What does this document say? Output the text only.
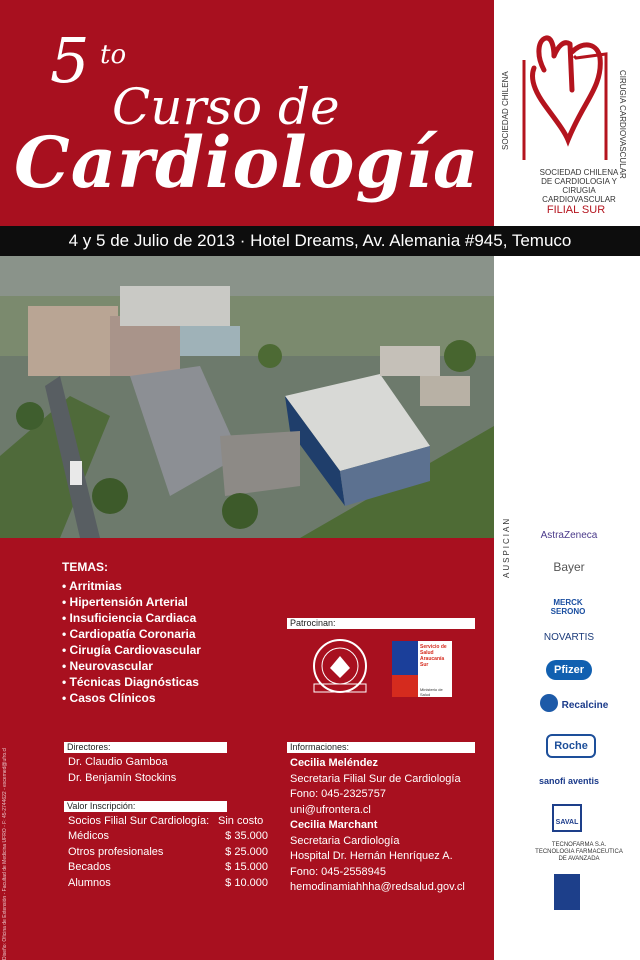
5 to
Curso de
Cardiología
SOCIEDAD CHILENA	CIRUGIA CARDIOVASCULAR
SOCIEDAD CHILENA DE CARDIOLOGIA Y CIRUGIA CARDIOVASCULAR
FILIAL SUR
4 y 5 de Julio de 2013 · Hotel Dreams, Av. Alemania #945, Temuco
AUSPICIAN	AstraZeneca
Bayer
MERCK SERONO
NOVARTIS
Pfizer
Recalcine
Roche
sanofi aventis
SAVAL
TECNOFARMA S.A. TECNOLOGIA FARMACEUTICA DE AVANZADA
TEMAS:
• Arritmias
• Hipertensión Arterial
• Insuficiencia Cardiaca
• Cardiopatía Coronaria
• Cirugía Cardiovascular
• Neurovascular
• Técnicas Diagnósticas
• Casos Clínicos
Patrocinan:
Servicio de Salud Araucanía Sur
Ministerio de Salud
Directores:
Dr. Claudio Gamboa
Dr. Benjamín Stockins
Valor Inscripción:
Socios Filial Sur Cardiología: Sin costo
Médicos	$ 35.000
Otros profesionales	$ 25.000
Becados	$ 15.000
Alumnos	$ 10.000
Informaciones:
Cecilia Meléndez
Secretaria Filial Sur de Cardiología
Fono: 045-2325757
uni@ufrontera.cl
Cecilia Marchant
Secretaria Cardiología
Hospital Dr. Hernán Henríquez A.
Fono: 045-2558945
hemodinamiahhha@redsalud.gov.cl
Diseño: Oficina de Extensión - Facultad de Medicina UFRO - F: 45-2744622 - excemed@ufro.cl
